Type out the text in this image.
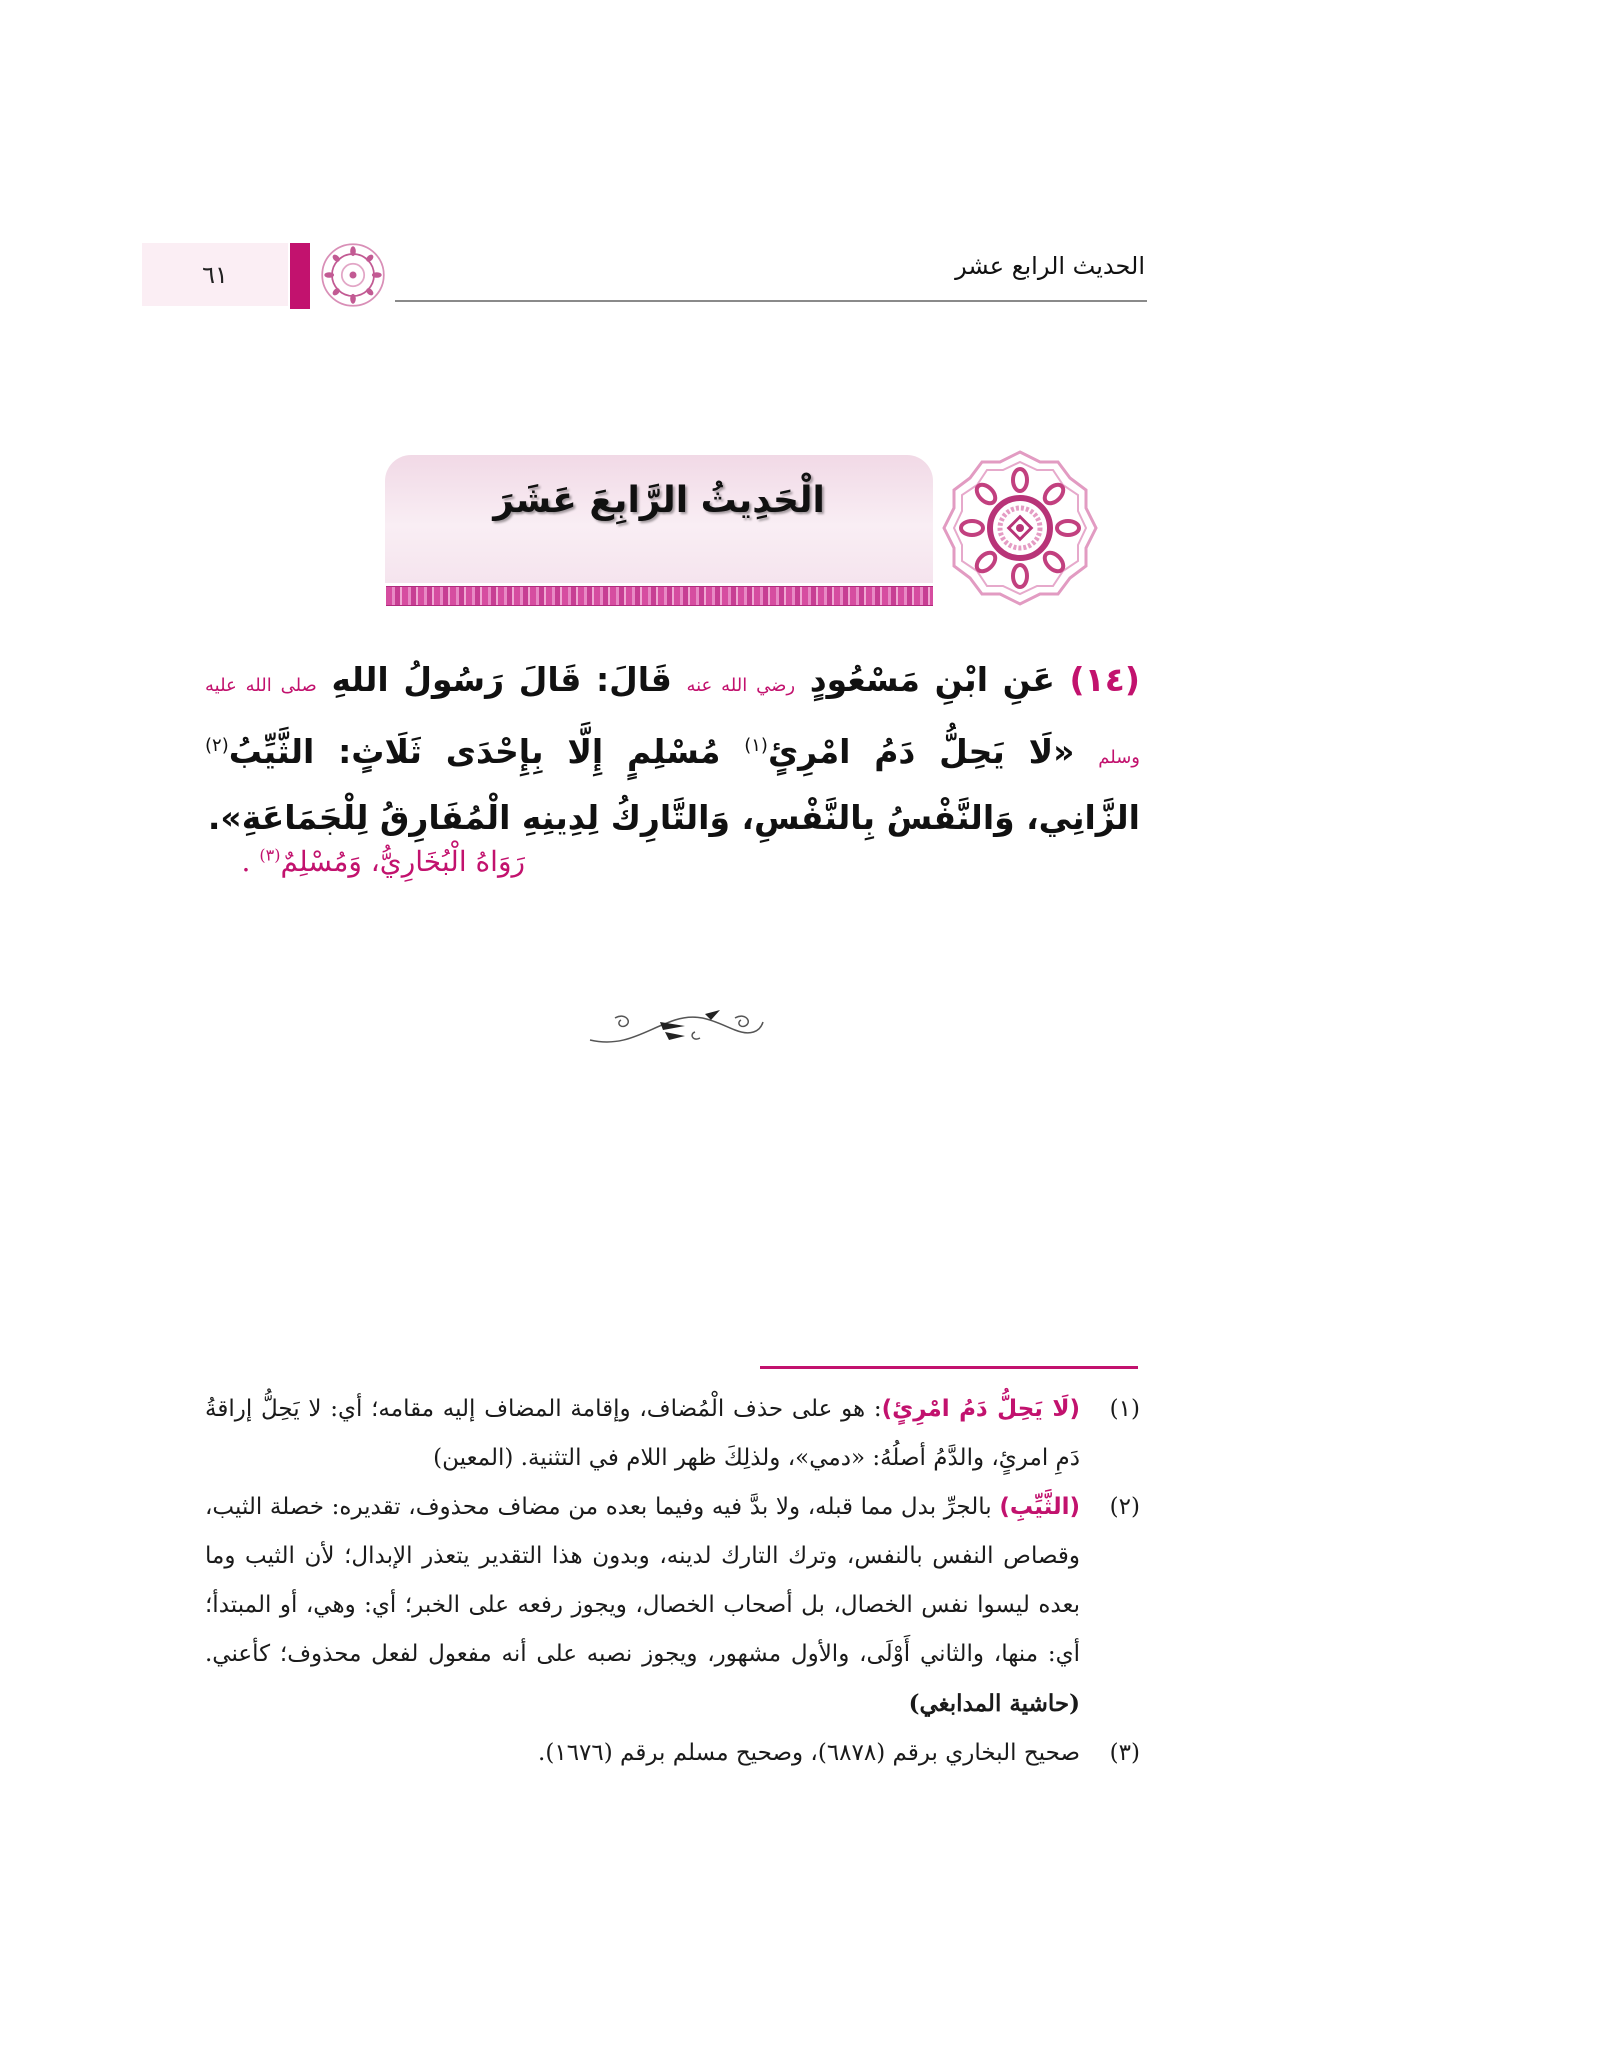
٦١	الحديث الرابع عشر
الْحَدِيثُ الرَّابِعَ عَشَرَ
(١٤) عَنِ ابْنِ مَسْعُودٍ رضي الله عنه قَالَ: قَالَ رَسُولُ اللهِ صلى الله عليه وسلم «لَا يَحِلُّ دَمُ امْرِئٍ$^{(١)}$ مُسْلِمٍ إِلَّا بِإِحْدَى ثَلَاثٍ: الثَّيِّبُ$^{(٢)}$ الزَّانِي، وَالنَّفْسُ بِالنَّفْسِ، وَالتَّارِكُ لِدِينِهِ الْمُفَارِقُ لِلْجَمَاعَةِ».
رَوَاهُ الْبُخَارِيُّ، وَمُسْلِمٌ$^{(٣)}$ .
(١)
(لَا يَحِلُّ دَمُ امْرِئٍ): هو على حذف الْمُضاف، وإقامة المضاف إليه مقامه؛ أي: لا يَحِلُّ إراقةُ دَمِ امرئٍ، والدَّمُ أصلُهُ: «دمي»، ولذلِكَ ظهر اللام في التثنية. (المعين)
(٢)
(الثَّيِّبِ) بالجرِّ بدل مما قبله، ولا بدَّ فيه وفيما بعده من مضاف محذوف، تقديره: خصلة الثيب، وقصاص النفس بالنفس، وترك التارك لدينه، وبدون هذا التقدير يتعذر الإبدال؛ لأن الثيب وما بعده ليسوا نفس الخصال، بل أصحاب الخصال، ويجوز رفعه على الخبر؛ أي: وهي، أو المبتدأ؛ أي: منها، والثاني أَوْلَى، والأول مشهور، ويجوز نصبه على أنه مفعول لفعل محذوف؛ كأعني. (حاشية المدابغي)
(٣)
صحيح البخاري برقم (٦٨٧٨)، وصحيح مسلم برقم (١٦٧٦).
